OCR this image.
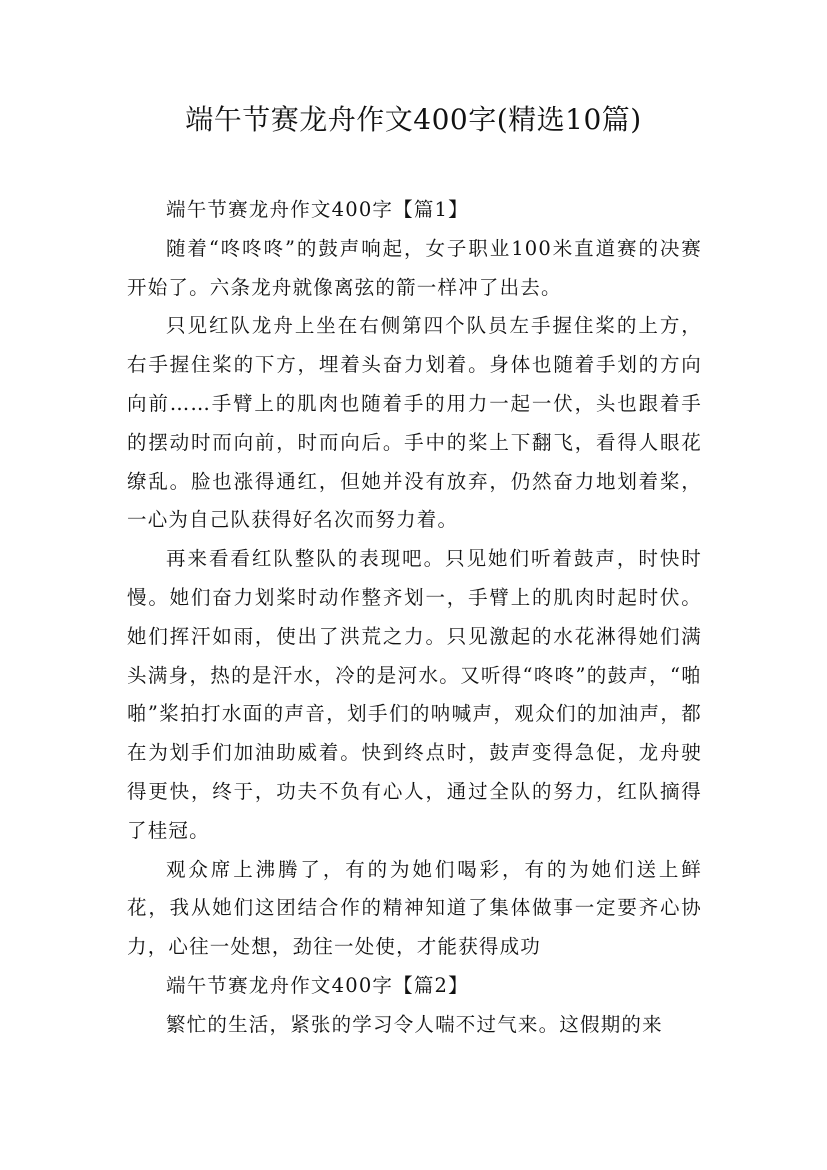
端午节赛龙舟作文400字(精选10篇)

端午节赛龙舟作文400字【篇1】

随着“咚咚咚”的鼓声响起，女子职业100米直道赛的决赛开始了。六条龙舟就像离弦的箭一样冲了出去。

只见红队龙舟上坐在右侧第四个队员左手握住桨的上方，右手握住桨的下方，埋着头奋力划着。身体也随着手划的方向向前……手臂上的肌肉也随着手的用力一起一伏，头也跟着手的摆动时而向前，时而向后。手中的桨上下翻飞，看得人眼花缭乱。脸也涨得通红，但她并没有放弃，仍然奋力地划着桨，一心为自己队获得好名次而努力着。

再来看看红队整队的表现吧。只见她们听着鼓声，时快时慢。她们奋力划桨时动作整齐划一，手臂上的肌肉时起时伏。她们挥汗如雨，使出了洪荒之力。只见激起的水花淋得她们满头满身，热的是汗水，冷的是河水。又听得“咚咚”的鼓声，“啪啪”桨拍打水面的声音，划手们的呐喊声，观众们的加油声，都在为划手们加油助威着。快到终点时，鼓声变得急促，龙舟驶得更快，终于，功夫不负有心人，通过全队的努力，红队摘得了桂冠。

观众席上沸腾了，有的为她们喝彩，有的为她们送上鲜花，我从她们这团结合作的精神知道了集体做事一定要齐心协力，心往一处想，劲往一处使，才能获得成功

端午节赛龙舟作文400字【篇2】

繁忙的生活，紧张的学习令人喘不过气来。这假期的来
